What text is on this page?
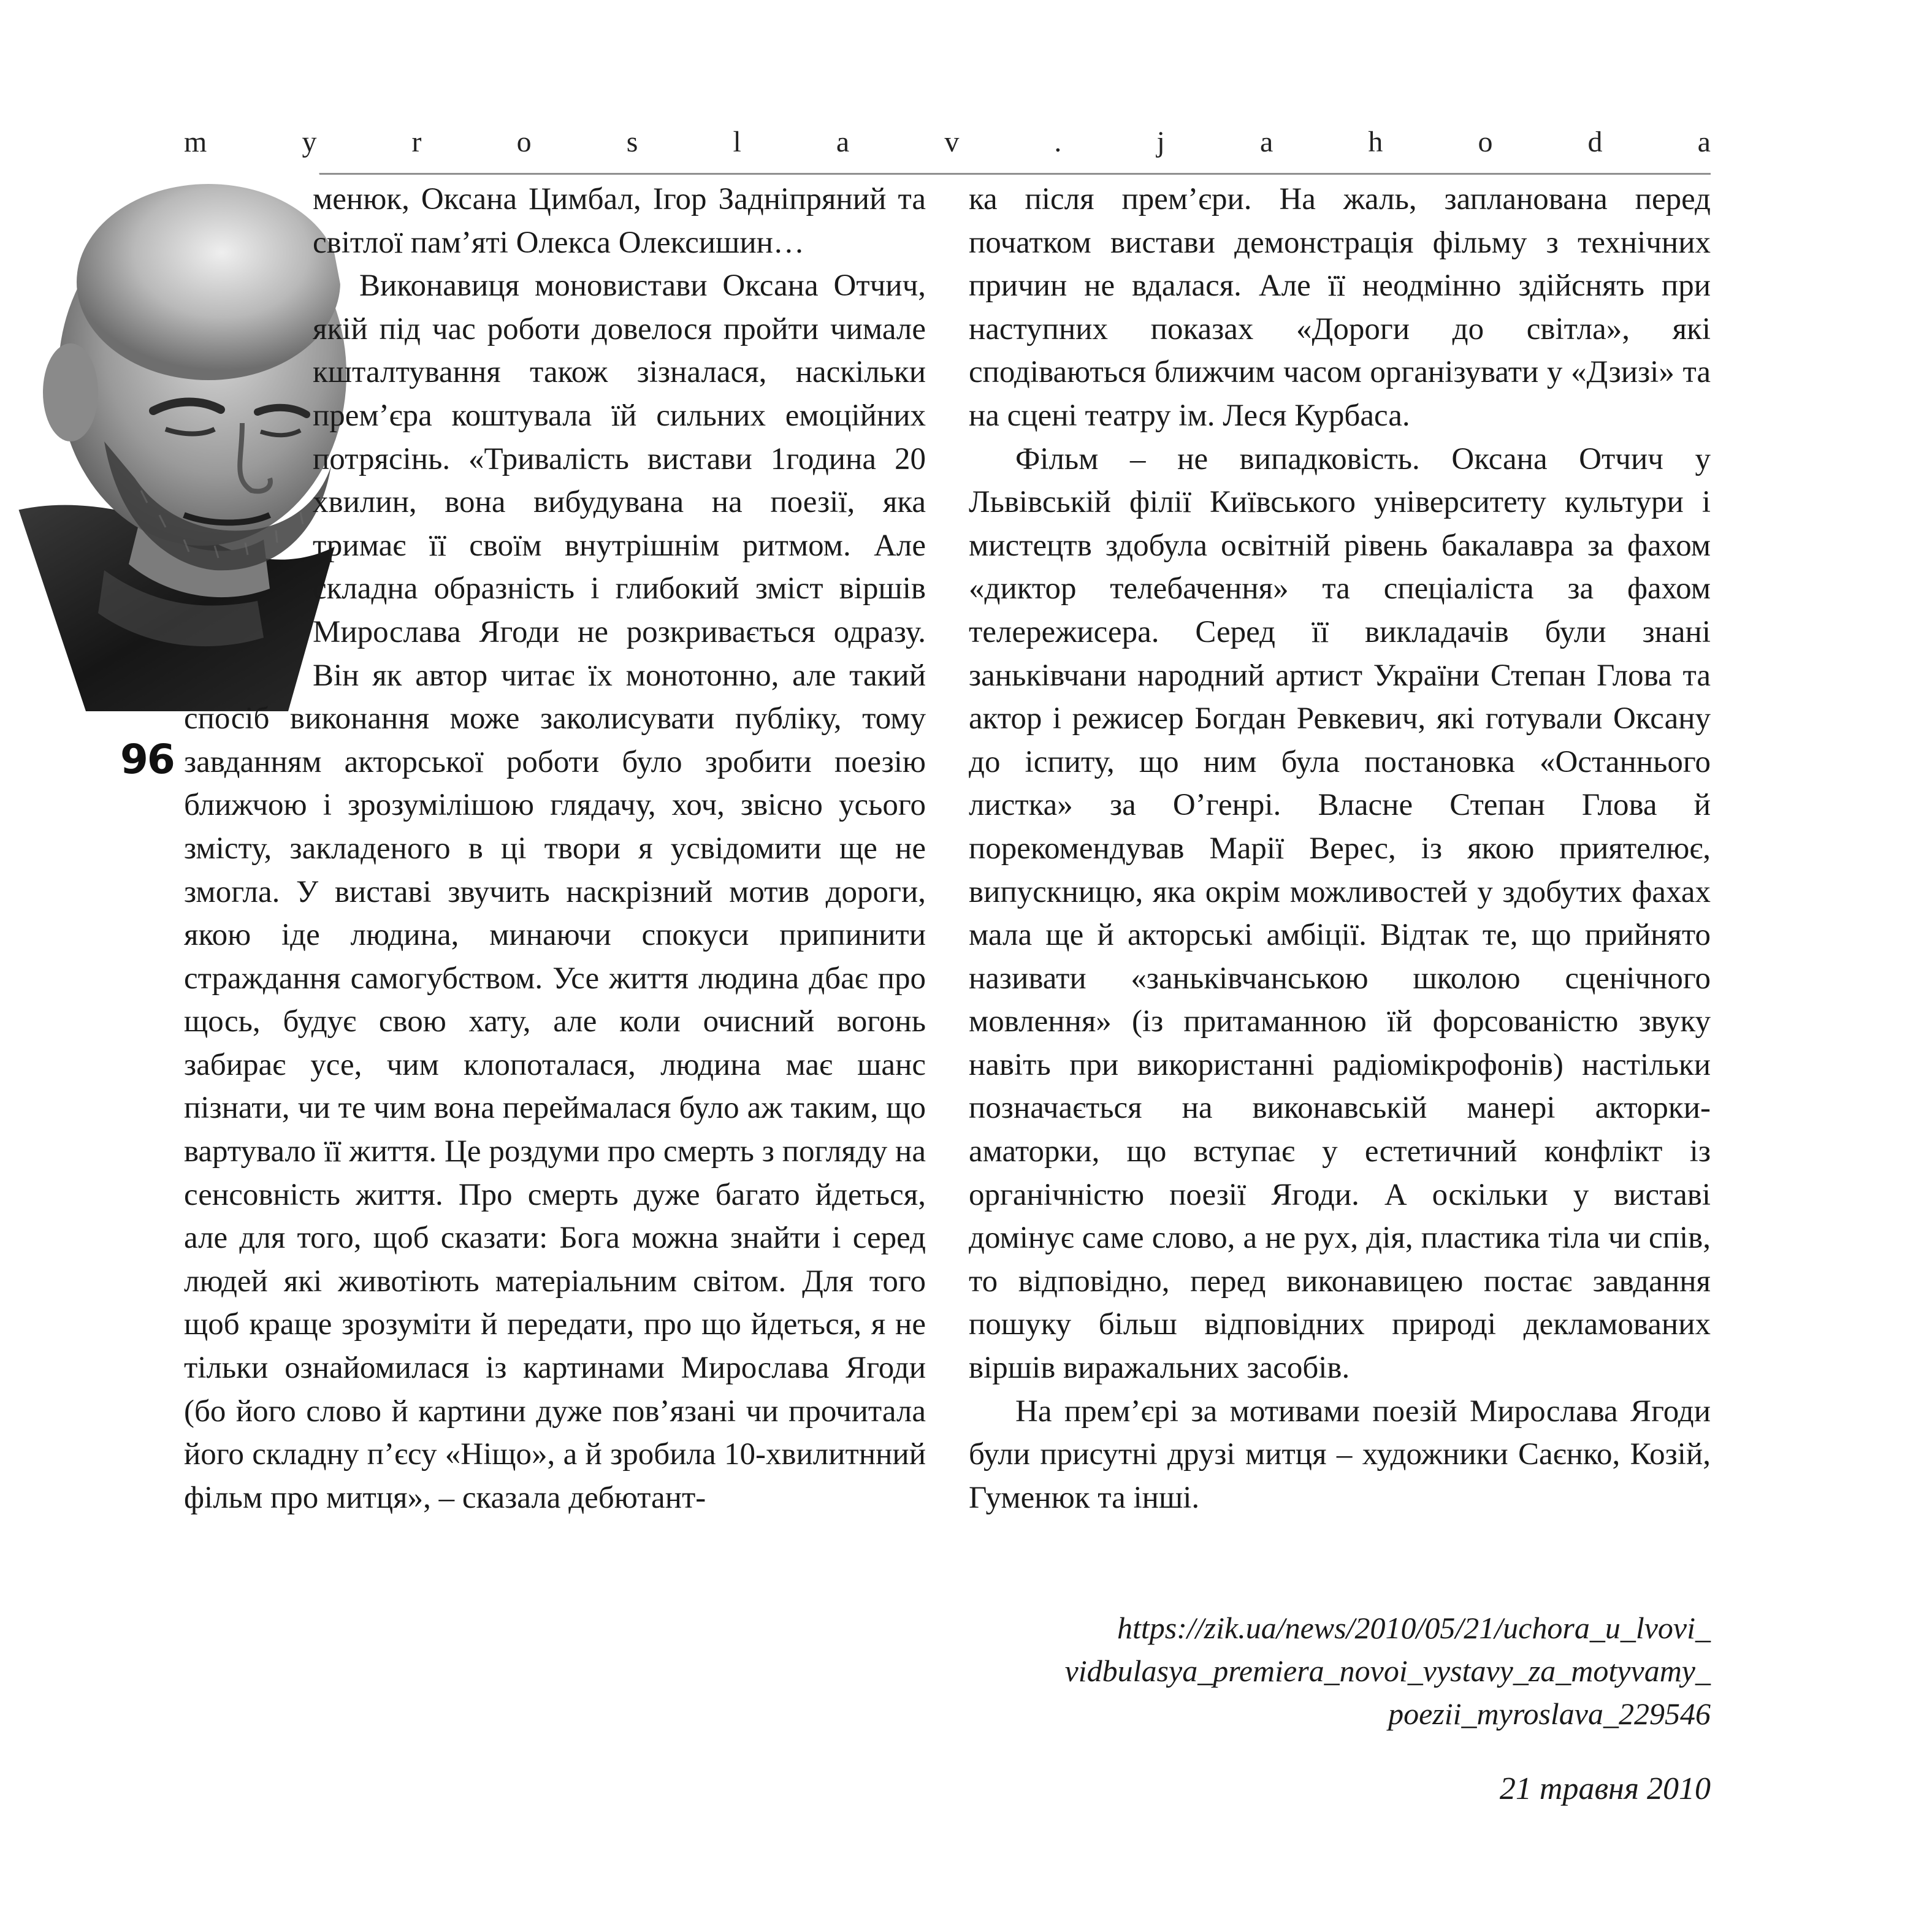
m	y	r	o	s	l	a	v	.	j	a	h	o	d	a
96

менюк, Оксана Цимбал, Ігор Задніпряний та світлої пам’яті Олекса Олексишин…

Виконавиця моновистави Оксана Отчич, якій під час роботи довелося пройти чимале кшталтування також зізналася, наскільки прем’єра коштувала їй сильних емоційних потрясінь. «Тривалість вистави 1година 20 хвилин, вона вибудувана на поезії, яка тримає її своїм внутрішнім ритмом. Але складна образність і глибокий зміст віршів Мирослава Ягоди не розкривається одразу. Він як автор читає їх монотонно, але такий спосіб виконання може заколисувати публіку, тому завданням акторської роботи було зробити поезію ближчою і зрозумілішою глядачу, хоч, звісно усього змісту, закладеного в ці твори я усвідомити ще не змогла. У виставі звучить наскрізний мотив дороги, якою іде людина, минаючи спокуси припинити страждання самогубством. Усе життя людина дбає про щось, будує свою хату, але коли очисний вогонь забирає усе, чим клопоталася, людина має шанс пізнати, чи те чим вона переймалася було аж таким, що вартувало її життя. Це роздуми про смерть з погляду на сенсовність життя. Про смерть дуже багато йдеться, але для того, щоб сказати: Бога можна знайти і серед людей які животіють матеріальним світом. Для того щоб краще зрозуміти й передати, про що йдеться, я не тільки ознайомилася із картинами Мирослава Ягоди (бо його слово й картини дуже пов’язані чи прочитала його складну п’єсу «Ніщо», а й зробила 10-хвилитнний фільм про митця», – сказала дебютант-

ка після прем’єри. На жаль, запланована перед початком вистави демонстрація фільму з технічних причин не вдалася. Але її неодмінно здійснять при наступних показах «Дороги до світла», які сподіваються ближчим часом організувати у «Дзизі» та на сцені театру ім. Леся Курбаса.

Фільм – не випадковість. Оксана Отчич у Львівській філії Київського університету культури і мистецтв здобула освітній рівень бакалавра за фахом «диктор телебачення» та спеціаліста за фахом телережисера. Серед її викладачів були знані заньківчани народний артист України Степан Глова та актор і режисер Богдан Ревкевич, які готували Оксану до іспиту, що ним була постановка «Останнього листка» за О’генрі. Власне Степан Глова й порекомендував Марії Верес, із якою приятелює, випускницю, яка окрім можливостей у здобутих фахах мала ще й акторські амбіції. Відтак те, що прийнято називати «заньківчанською школою сценічного мовлення» (із притаманною їй форсованістю звуку навіть при використанні радіомікрофонів) настільки позначається на виконавській манері акторки-аматорки, що вступає у естетичний конфлікт із органічністю поезії Ягоди. А оскільки у виставі домінує саме слово, а не рух, дія, пластика тіла чи спів, то відповідно, перед виконавицею постає завдання пошуку більш відповідних природі декламованих віршів виражальних засобів.

На прем’єрі за мотивами поезій Мирослава Ягоди були присутні друзі митця – художники Саєнко, Козій, Гуменюк та інші.

https://zik.ua/news/2010/05/21/uchora_u_lvovi_
vidbulasya_premiera_novoi_vystavy_za_motyvamy_
poezii_myroslava_229546
21 травня 2010
